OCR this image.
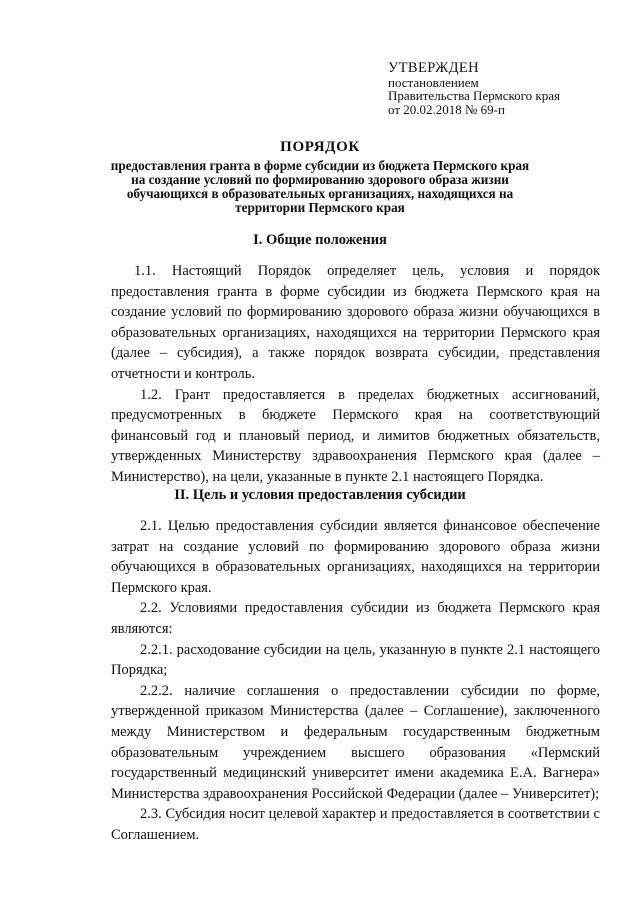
УТВЕРЖДЕН
постановлением
Правительства Пермского края
от 20.02.2018 № 69-п
ПОРЯДОК
предоставления гранта в форме субсидии из бюджета Пермского края на создание условий по формированию здорового образа жизни обучающихся в образовательных организациях, находящихся на территории Пермского края
I. Общие положения

1.1. Настоящий Порядок определяет цель, условия и порядок предоставления гранта в форме субсидии из бюджета Пермского края на создание условий по формированию здорового образа жизни обучающихся в образовательных организациях, находящихся на территории Пермского края (далее – субсидия), а также порядок возврата субсидии, представления отчетности и контроль.

1.2. Грант предоставляется в пределах бюджетных ассигнований, предусмотренных в бюджете Пермского края на соответствующий финансовый год и плановый период, и лимитов бюджетных обязательств, утвержденных Министерству здравоохранения Пермского края (далее – Министерство), на цели, указанные в пункте 2.1 настоящего Порядка.

II. Цель и условия предоставления субсидии

2.1. Целью предоставления субсидии является финансовое обеспечение затрат на создание условий по формированию здорового образа жизни обучающихся в образовательных организациях, находящихся на территории Пермского края.

2.2. Условиями предоставления субсидии из бюджета Пермского края являются:

2.2.1. расходование субсидии на цель, указанную в пункте 2.1 настоящего Порядка;

2.2.2. наличие соглашения о предоставлении субсидии по форме, утвержденной приказом Министерства (далее – Соглашение), заключенного между Министерством и федеральным государственным бюджетным образовательным учреждением высшего образования «Пермский государственный медицинский университет имени академика Е.А. Вагнера» Министерства здравоохранения Российской Федерации (далее – Университет);

2.3. Субсидия носит целевой характер и предоставляется в соответствии с Соглашением.
